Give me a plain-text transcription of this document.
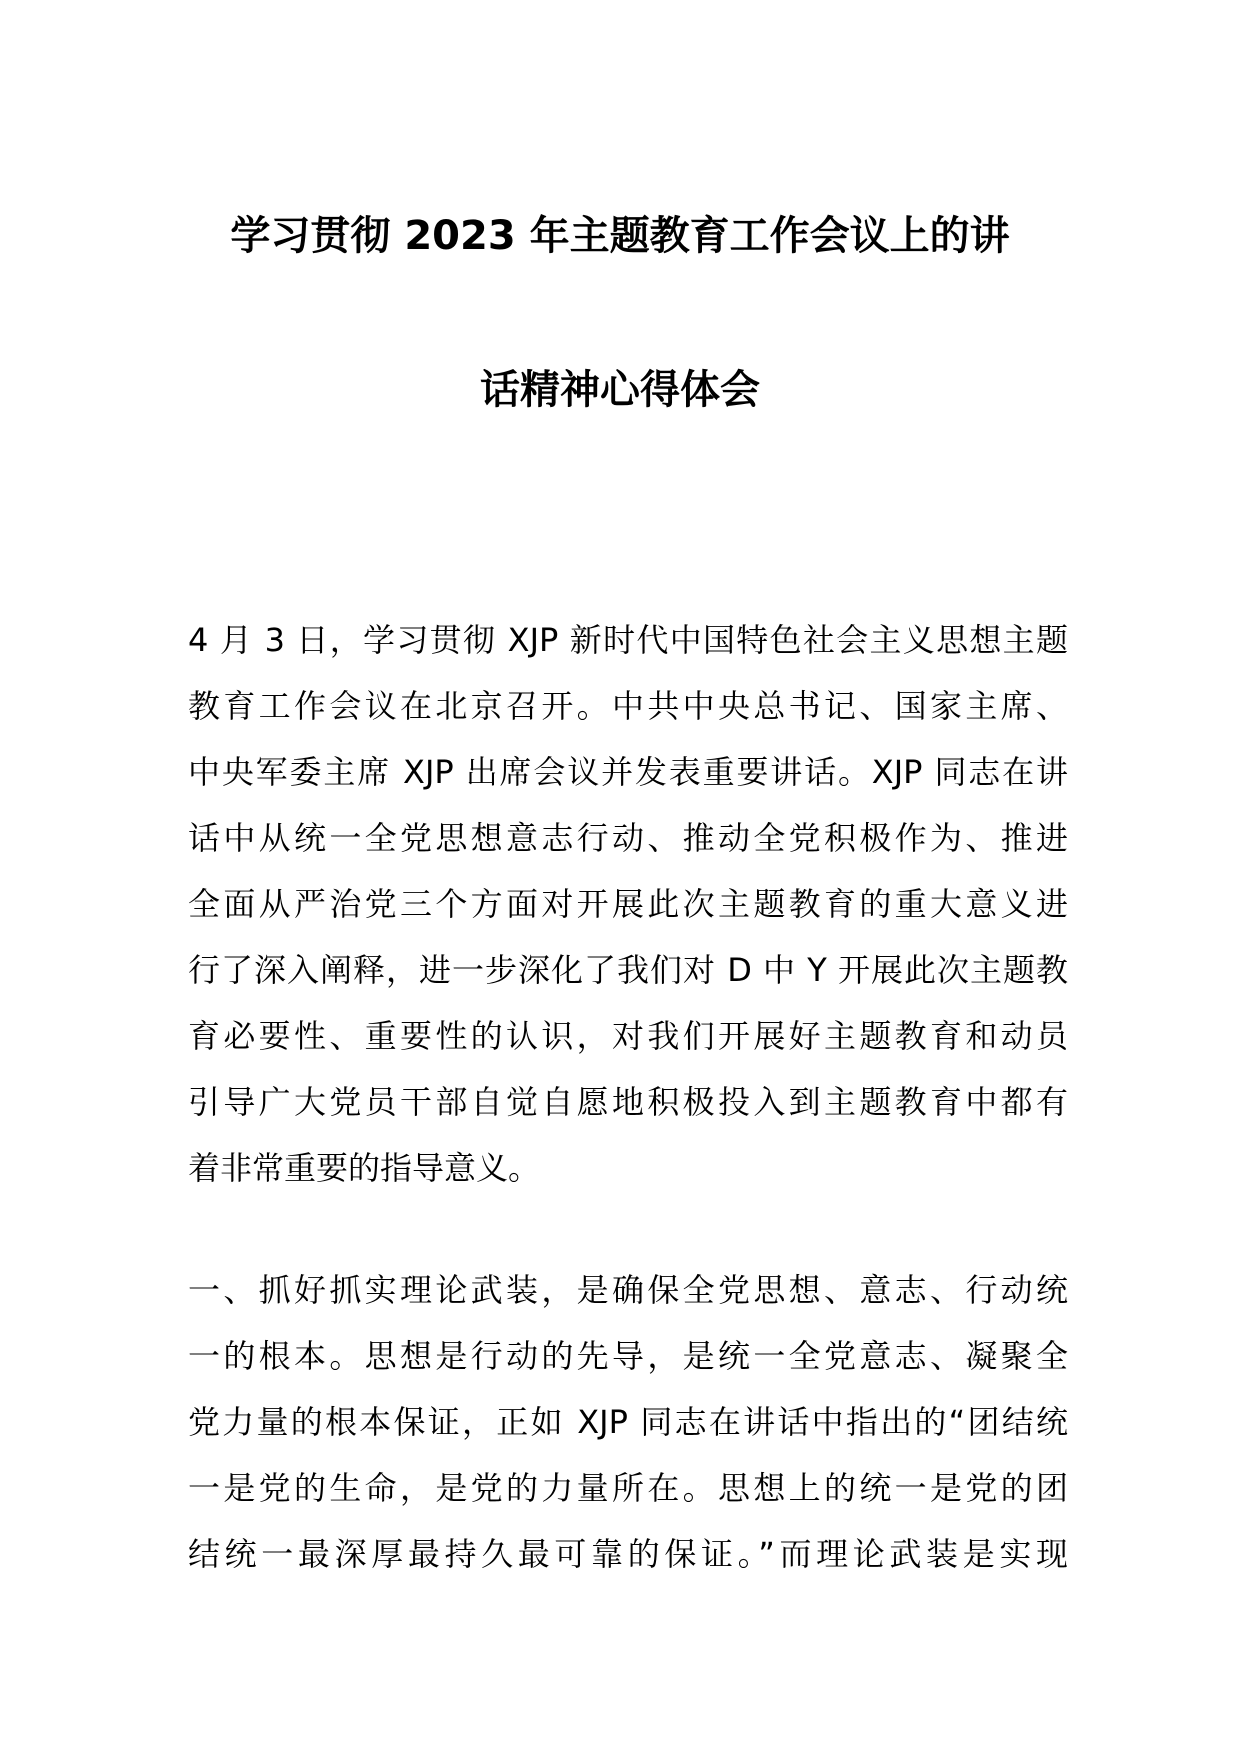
学习贯彻 2023 年主题教育工作会议上的讲
话精神心得体会
4 月 3 日，学习贯彻 XJP 新时代中国特色社会主义思想主题
教育工作会议在北京召开。中共中央总书记、国家主席、
中央军委主席 XJP 出席会议并发表重要讲话。XJP 同志在讲
话中从统一全党思想意志行动、推动全党积极作为、推进
全面从严治党三个方面对开展此次主题教育的重大意义进
行了深入阐释，进一步深化了我们对 D 中 Y 开展此次主题教
育必要性、重要性的认识，对我们开展好主题教育和动员
引导广大党员干部自觉自愿地积极投入到主题教育中都有
着非常重要的指导意义。
一、抓好抓实理论武装，是确保全党思想、意志、行动统
一的根本。思想是行动的先导，是统一全党意志、凝聚全
党力量的根本保证，正如 XJP 同志在讲话中指出的“团结统
一是党的生命，是党的力量所在。思想上的统一是党的团
结统一最深厚最持久最可靠的保证。”而理论武装是实现
